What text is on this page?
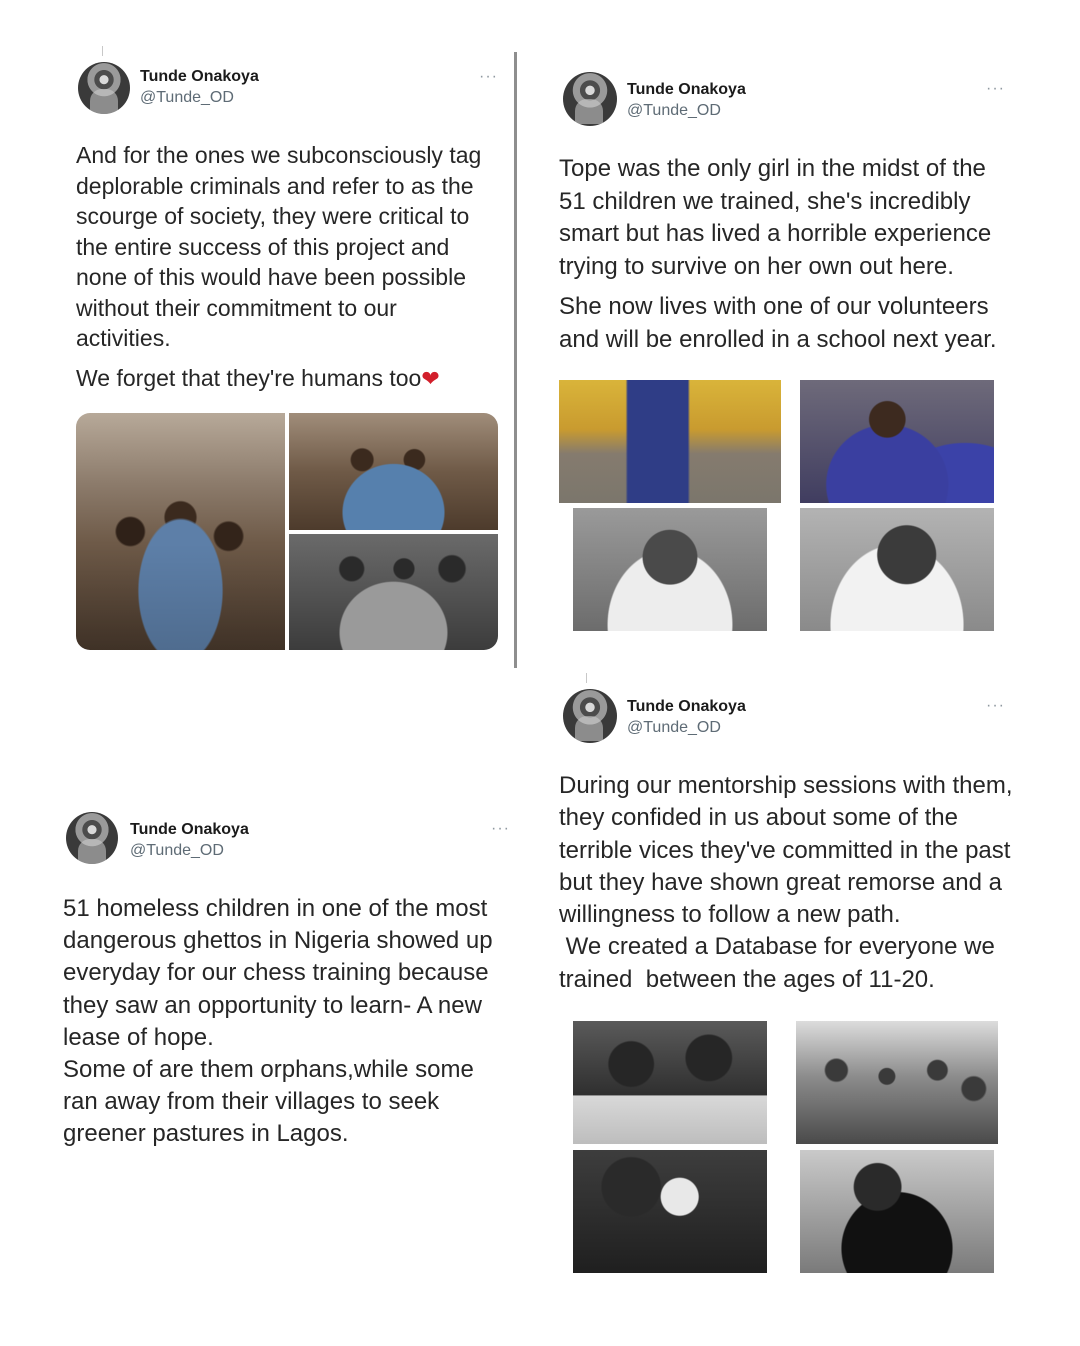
Tunde Onakoya
@Tunde_OD
···

And for the ones we subconsciously tag deplorable criminals and refer to as the scourge of society, they were critical to the entire success of this project and none of this would have been possible without their commitment to our activities.

We forget that they're humans too❤

Tunde Onakoya
@Tunde_OD
···

Tope was the only girl in the midst of the 51 children we trained, she's incredibly smart but has lived a horrible experience trying to survive on her own out here.

She now lives with one of our volunteers and will be enrolled in a school next year.

Tunde Onakoya
@Tunde_OD
···

During our mentorship sessions with them, they confided in us about some of the terrible vices they've committed in the past but they have shown great remorse and a willingness to follow a new path.

We created a Database for everyone we trained  between the ages of 11-20.

Tunde Onakoya
@Tunde_OD
···

51 homeless children in one of the most dangerous ghettos in Nigeria showed up everyday for our chess training because they saw an opportunity to learn- A new lease of hope.
Some of are them orphans,while some ran away from their villages to seek greener pastures in Lagos.
